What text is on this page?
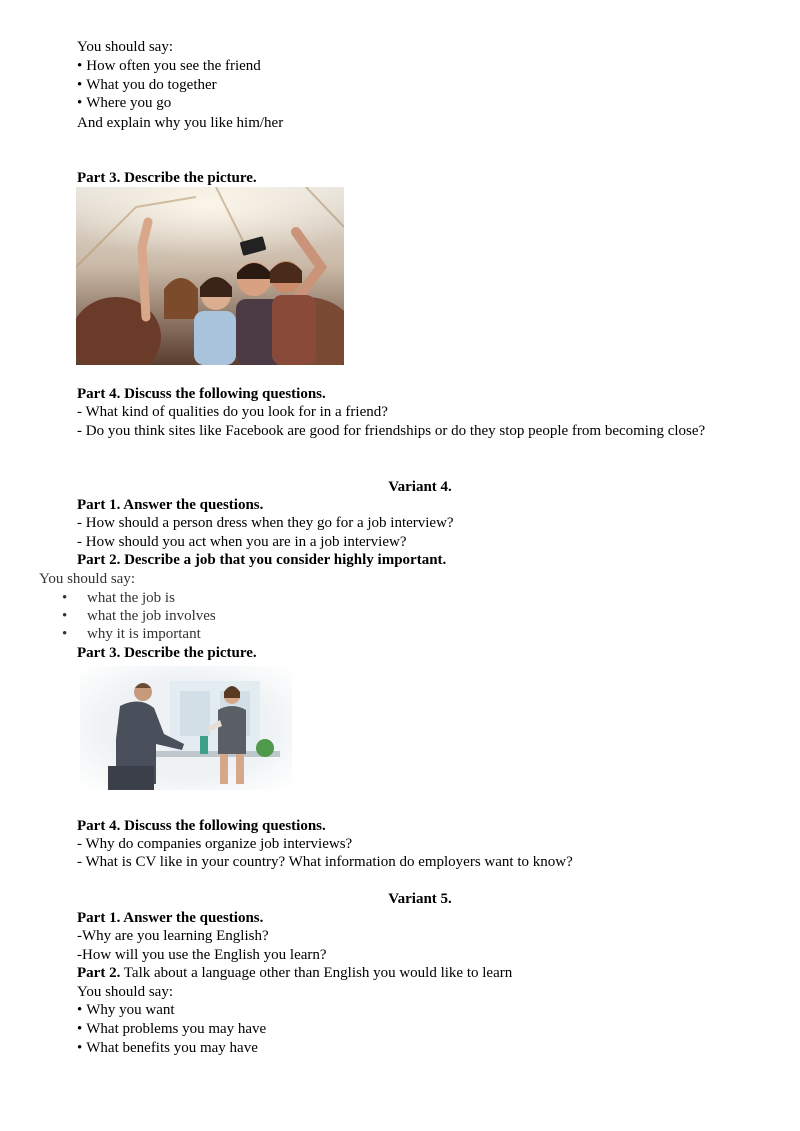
You should say:
• How often you see the friend
• What you do together
• Where you go
And explain why you like him/her
Part 3. Describe the picture.
Part 4. Discuss the following questions.
- What kind of qualities do you look for in a friend?
- Do you think sites like Facebook are good for friendships or do they stop people from becoming close?
Variant 4.
Part 1. Answer the questions.
- How should a person dress when they go for a job interview?
- How should you act when you are in a job interview?
Part 2. Describe a job that you consider highly important.
You should say:
• what the job is
• what the job involves
• why it is important
Part 3. Describe the picture.
Part 4. Discuss the following questions.
- Why do companies organize job interviews?
- What is CV like in your country? What information do employers want to know?
Variant 5.
Part 1. Answer the questions.
-Why are you learning English?
-How will you use the English you learn?
Part 2. Talk about a language other than English you would like to learn
You should say:
• Why you want
• What problems you may have
• What benefits you may have
